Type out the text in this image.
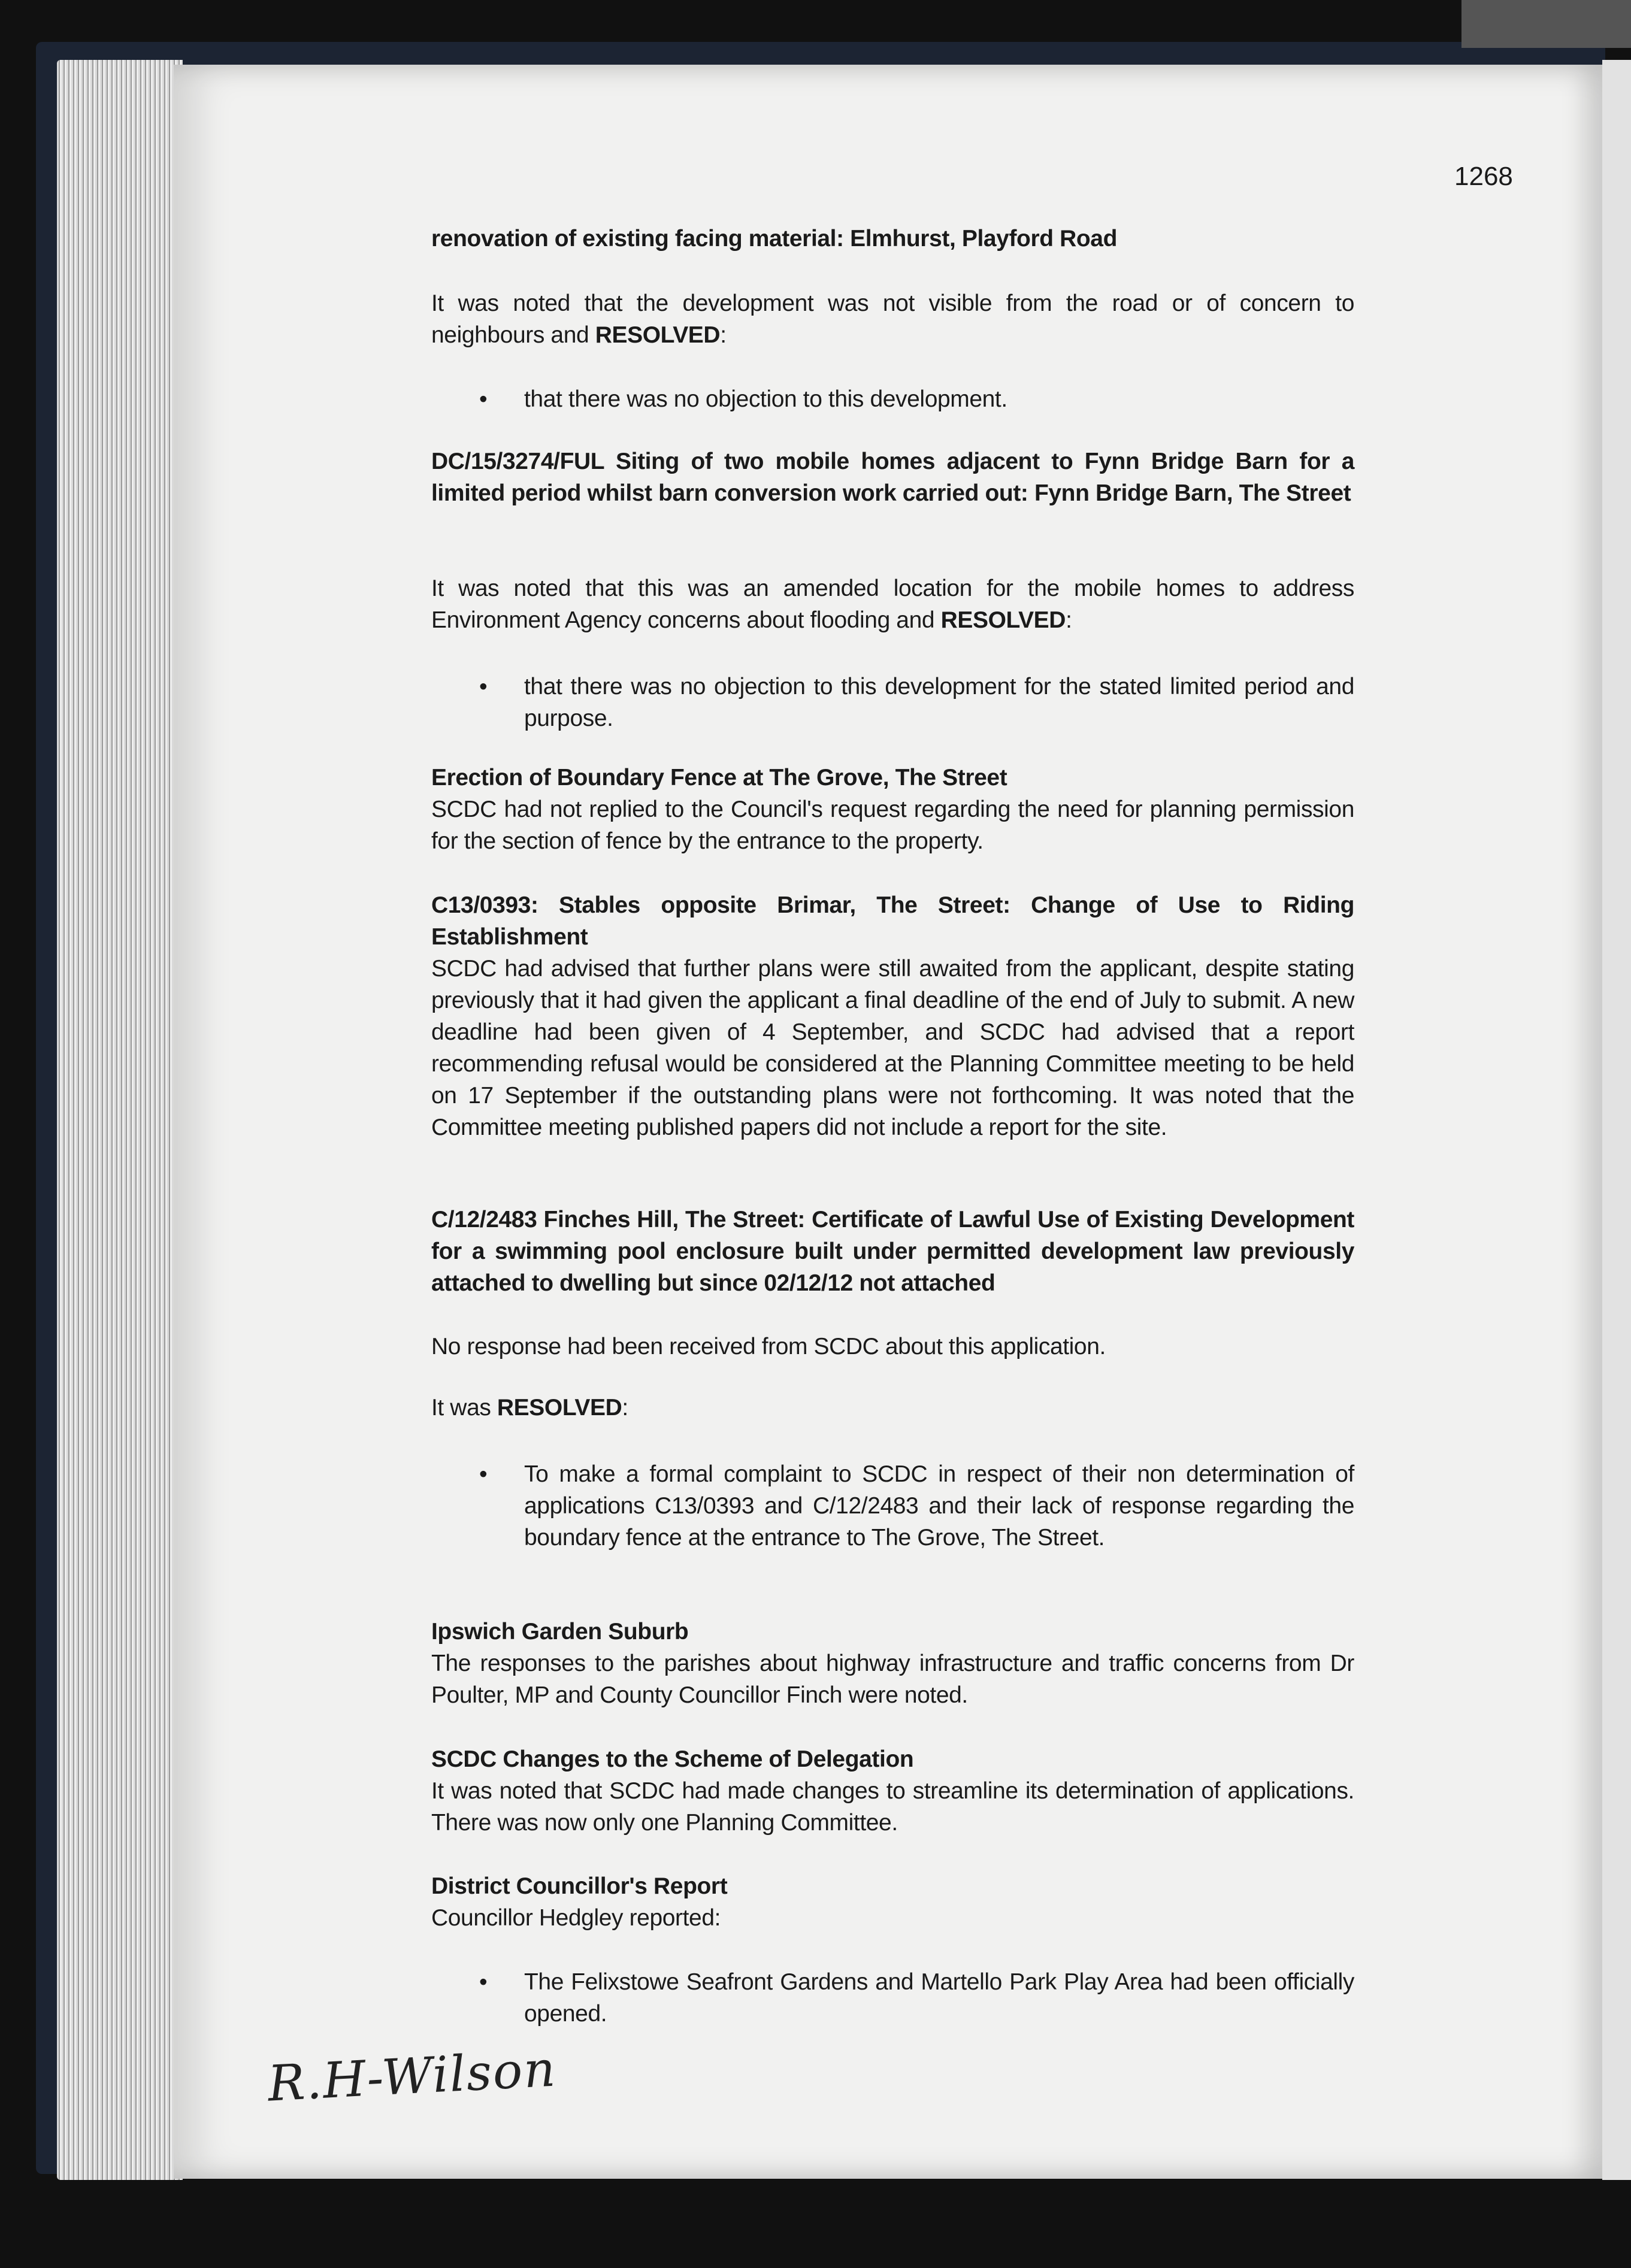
1268
renovation of existing facing material: Elmhurst, Playford Road
It was noted that the development was not visible from the road or of concern to neighbours and RESOLVED:
• that there was no objection to this development.
DC/15/3274/FUL Siting of two mobile homes adjacent to Fynn Bridge Barn for a limited period whilst barn conversion work carried out: Fynn Bridge Barn, The Street
It was noted that this was an amended location for the mobile homes to address Environment Agency concerns about flooding and RESOLVED:
• that there was no objection to this development for the stated limited period and purpose.
Erection of Boundary Fence at The Grove, The Street
SCDC had not replied to the Council's request regarding the need for planning permission for the section of fence by the entrance to the property.
C13/0393: Stables opposite Brimar, The Street: Change of Use to Riding Establishment
SCDC had advised that further plans were still awaited from the applicant, despite stating previously that it had given the applicant a final deadline of the end of July to submit. A new deadline had been given of 4 September, and SCDC had advised that a report recommending refusal would be considered at the Planning Committee meeting to be held on 17 September if the outstanding plans were not forthcoming. It was noted that the Committee meeting published papers did not include a report for the site.
C/12/2483 Finches Hill, The Street: Certificate of Lawful Use of Existing Development for a swimming pool enclosure built under permitted development law previously attached to dwelling but since 02/12/12 not attached
No response had been received from SCDC about this application.
It was RESOLVED:
• To make a formal complaint to SCDC in respect of their non determination of applications C13/0393 and C/12/2483 and their lack of response regarding the boundary fence at the entrance to The Grove, The Street.
Ipswich Garden Suburb
The responses to the parishes about highway infrastructure and traffic concerns from Dr Poulter, MP and County Councillor Finch were noted.
SCDC Changes to the Scheme of Delegation
It was noted that SCDC had made changes to streamline its determination of applications. There was now only one Planning Committee.
District Councillor's Report
Councillor Hedgley reported:
• The Felixstowe Seafront Gardens and Martello Park Play Area had been officially opened.
R.H-Wilson
